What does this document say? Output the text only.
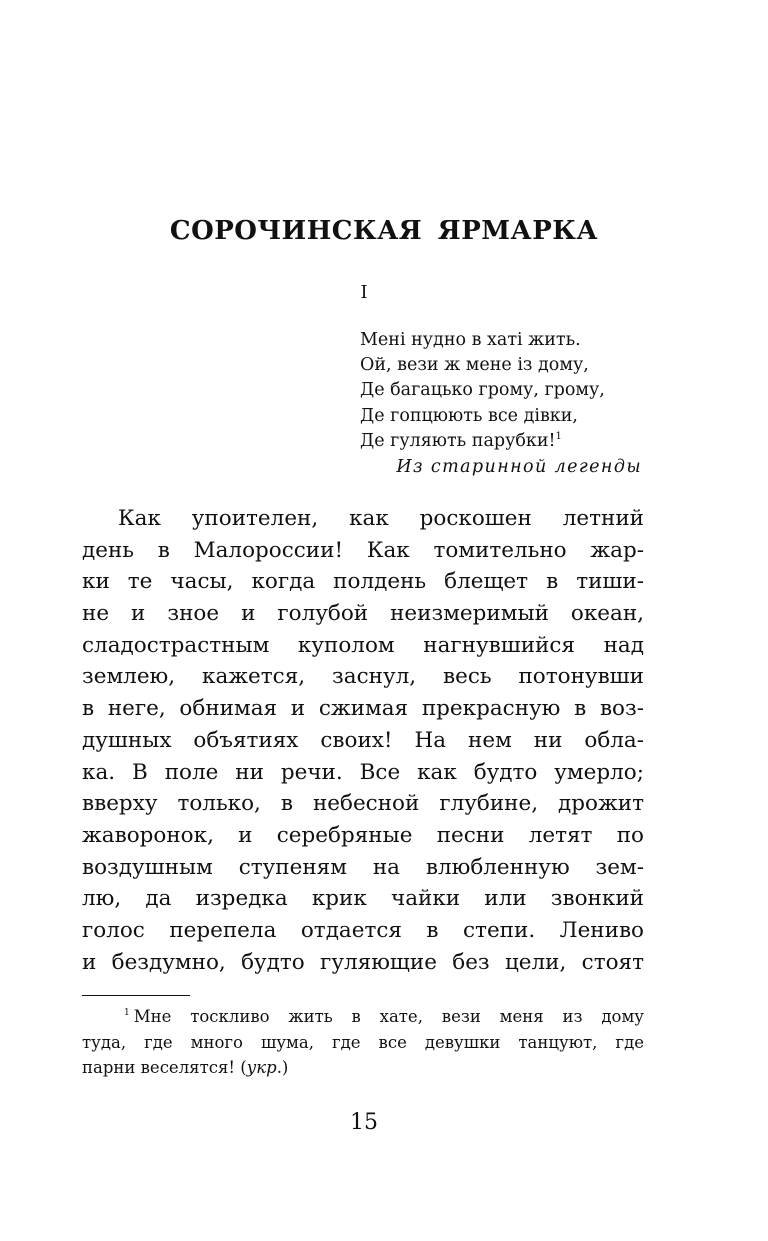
СОРОЧИНСКАЯ ЯРМАРКА
I
Мені нудно в хаті жить.
Ой, вези ж мене із дому,
Де багацько грому, грому,
Де гопцюють все дівки,
Де гуляють парубки!$^1$
Из старинной легенды
Как упоителен, как роскошен летний
день в Малороссии! Как томительно жар-
ки те часы, когда полдень блещет в тиши-
не и зное и голубой неизмеримый океан,
сладострастным куполом нагнувшийся над
землею, кажется, заснул, весь потонувши
в неге, обнимая и сжимая прекрасную в воз-
душных объятиях своих! На нем ни обла-
ка. В поле ни речи. Все как будто умерло;
вверху только, в небесной глубине, дрожит
жаворонок, и серебряные песни летят по
воздушным ступеням на влюбленную зем-
лю, да изредка крик чайки или звонкий
голос перепела отдается в степи. Лениво
и бездумно, будто гуляющие без цели, стоят
$^1$ Мне тоскливо жить в хате, вези меня из дому
туда, где много шума, где все девушки танцуют, где
парни веселятся! (укр.)
15
